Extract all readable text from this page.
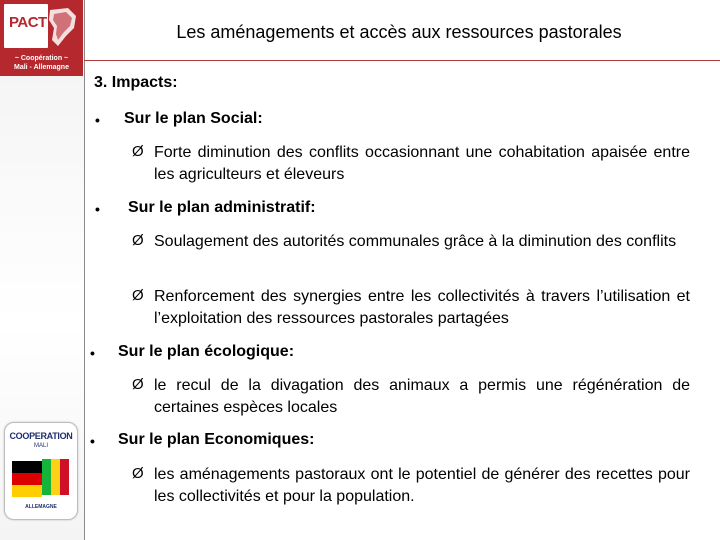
PACT
~ Coopération ~
Mali - Allemagne
COOPERATION
MALI
ALLEMAGNE
Les aménagements et accès aux ressources pastorales
3. Impacts:
• Sur le plan Social:
Ø Forte diminution des conflits occasionnant une cohabitation apaisée entre les agriculteurs et éleveurs
• Sur le plan administratif:
Ø Soulagement des autorités communales grâce à la diminution des conflits
Ø Renforcement des synergies entre les collectivités à travers l’utilisation et l’exploitation des ressources pastorales partagées
• Sur le plan écologique:
Ø le recul de la divagation des animaux a permis une régénération de certaines espèces locales
• Sur le plan Economiques:
Ø les aménagements pastoraux ont le potentiel de générer des recettes pour les collectivités et pour la population.
